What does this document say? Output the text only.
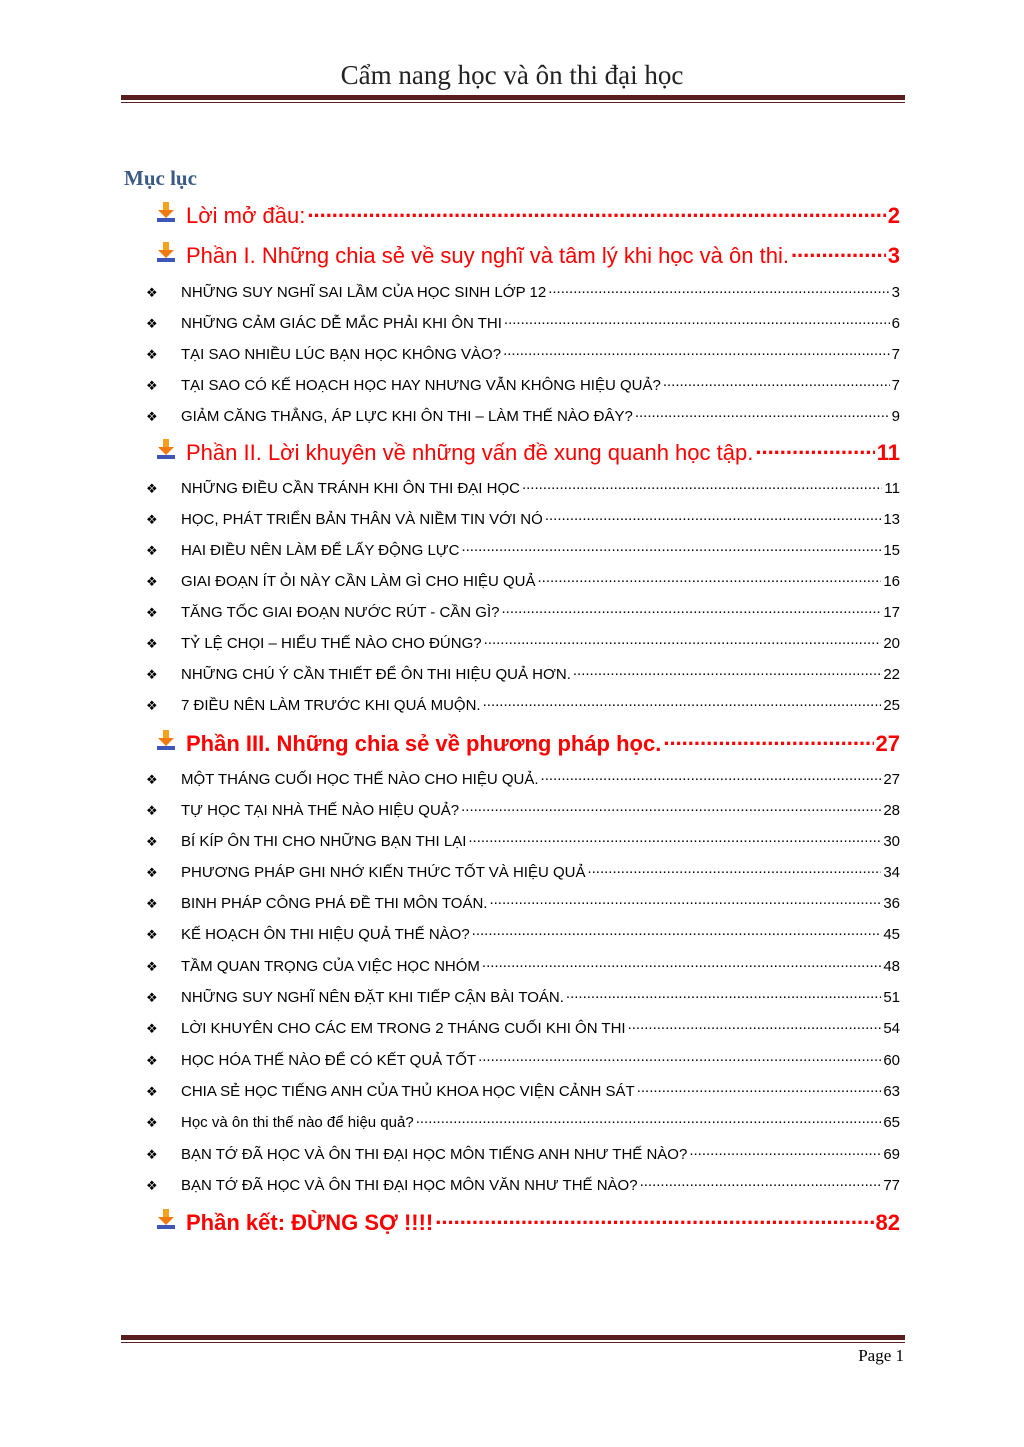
Cẩm nang học và ôn thi đại học
Mục lục
Lời mở đầu: .....	2
Phần I. Những chia sẻ về suy nghĩ và tâm lý khi học và ôn thi. .....	3
❖	NHỮNG SUY NGHĨ SAI LẦM CỦA HỌC SINH LỚP 12 .....	3
❖	NHỮNG CẢM GIÁC DỄ MẮC PHẢI KHI ÔN THI .....	6
❖	TẠI SAO NHIỀU LÚC BẠN HỌC KHÔNG VÀO? .....	7
❖	TẠI SAO CÓ KẾ HOẠCH HỌC HAY NHƯNG VẪN KHÔNG HIỆU QUẢ? .....	7
❖	GIẢM CĂNG THẲNG, ÁP LỰC KHI ÔN THI – LÀM THẾ NÀO ĐÂY? .....	9
Phần II. Lời khuyên về những vấn đề xung quanh học tập. .....	11
❖	NHỮNG ĐIỀU CẦN TRÁNH KHI ÔN THI ĐẠI HỌC .....	11
❖	HỌC, PHÁT TRIỂN BẢN THÂN VÀ NIỀM TIN VỚI NÓ .....	13
❖	HAI ĐIỀU NÊN LÀM ĐỂ LẤY ĐỘNG LỰC .....	15
❖	GIAI ĐOẠN ÍT ỎI NÀY CẦN LÀM GÌ CHO HIỆU QUẢ .....	16
❖	TĂNG TỐC GIAI ĐOẠN NƯỚC RÚT - CẦN GÌ? .....	17
❖	TỶ LỆ CHỌI – HIỂU THẾ NÀO CHO ĐÚNG? .....	20
❖	NHỮNG CHÚ Ý CẦN THIẾT ĐỂ ÔN THI HIỆU QUẢ HƠN. .....	22
❖	7 ĐIỀU NÊN LÀM TRƯỚC KHI QUÁ MUỘN. .....	25
Phần III. Những chia sẻ về phương pháp học. .....	27
❖	MỘT THÁNG CUỐI HỌC THẾ NÀO CHO HIỆU QUẢ. .....	27
❖	TỰ HỌC TẠI NHÀ THẾ NÀO HIỆU QUẢ? .....	28
❖	BÍ KÍP ÔN THI CHO NHỮNG BẠN THI LẠI .....	30
❖	PHƯƠNG PHÁP GHI NHỚ KIẾN THỨC TỐT VÀ HIỆU QUẢ .....	34
❖	BINH PHÁP CÔNG PHÁ ĐỀ THI MÔN TOÁN. .....	36
❖	KẾ HOẠCH ÔN THI HIỆU QUẢ THẾ NÀO? .....	45
❖	TẦM QUAN TRỌNG CỦA VIỆC HỌC NHÓM .....	48
❖	NHỮNG SUY NGHĨ NÊN ĐẶT KHI TIẾP CẬN BÀI TOÁN. .....	51
❖	LỜI KHUYÊN CHO CÁC EM TRONG 2 THÁNG CUỐI KHI ÔN THI .....	54
❖	HỌC HÓA THẾ NÀO ĐỂ CÓ KẾT QUẢ TỐT .....	60
❖	CHIA SẺ HỌC TIẾNG ANH CỦA THỦ KHOA HỌC VIỆN CẢNH SÁT .....	63
❖	Học và ôn thi thế nào để hiệu quả? .....	65
❖	BẠN TỚ ĐÃ HỌC VÀ ÔN THI ĐẠI HỌC MÔN TIẾNG ANH NHƯ THẾ NÀO? .....	69
❖	BẠN TỚ ĐÃ HỌC VÀ ÔN THI ĐẠI HỌC MÔN VĂN NHƯ THẾ NÀO? .....	77
Phần kết: ĐỪNG SỢ !!!! .....	82
Page 1
